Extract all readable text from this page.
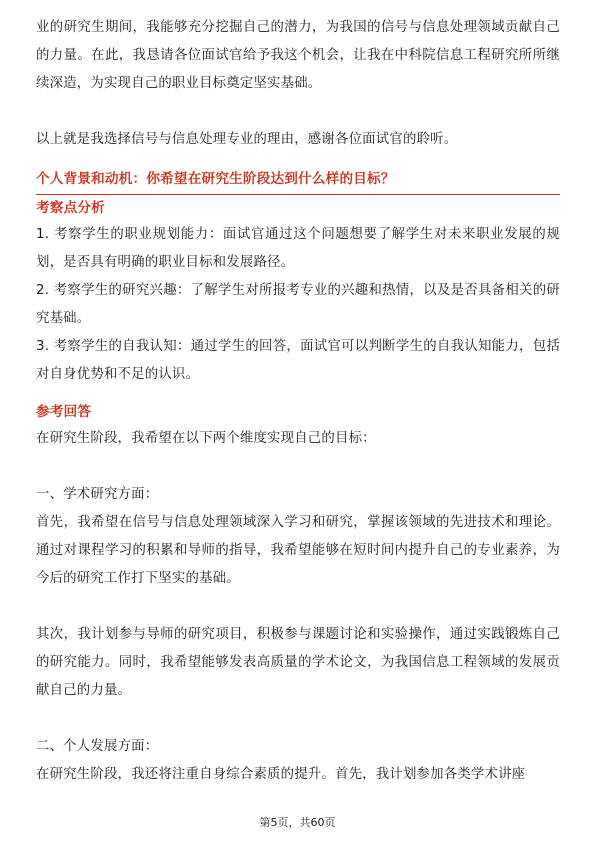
业的研究生期间，我能够充分挖掘自己的潜力，为我国的信号与信息处理领域贡献自己的力量。在此，我恳请各位面试官给予我这个机会，让我在中科院信息工程研究所所继续深造，为实现自己的职业目标奠定坚实基础。

以上就是我选择信号与信息处理专业的理由，感谢各位面试官的聆听。

个人背景和动机：你希望在研究生阶段达到什么样的目标？

考察点分析

1. 考察学生的职业规划能力：面试官通过这个问题想要了解学生对未来职业发展的规划，是否具有明确的职业目标和发展路径。

2. 考察学生的研究兴趣：了解学生对所报考专业的兴趣和热情，以及是否具备相关的研究基础。

3. 考察学生的自我认知：通过学生的回答，面试官可以判断学生的自我认知能力，包括对自身优势和不足的认识。

参考回答

在研究生阶段，我希望在以下两个维度实现自己的目标：

一、学术研究方面：

首先，我希望在信号与信息处理领域深入学习和研究，掌握该领域的先进技术和理论。通过对课程学习的积累和导师的指导，我希望能够在短时间内提升自己的专业素养，为今后的研究工作打下坚实的基础。

其次，我计划参与导师的研究项目，积极参与课题讨论和实验操作，通过实践锻炼自己的研究能力。同时，我希望能够发表高质量的学术论文，为我国信息工程领域的发展贡献自己的力量。

二、个人发展方面：

在研究生阶段，我还将注重自身综合素质的提升。首先，我计划参加各类学术讲座

第5页，共60页
